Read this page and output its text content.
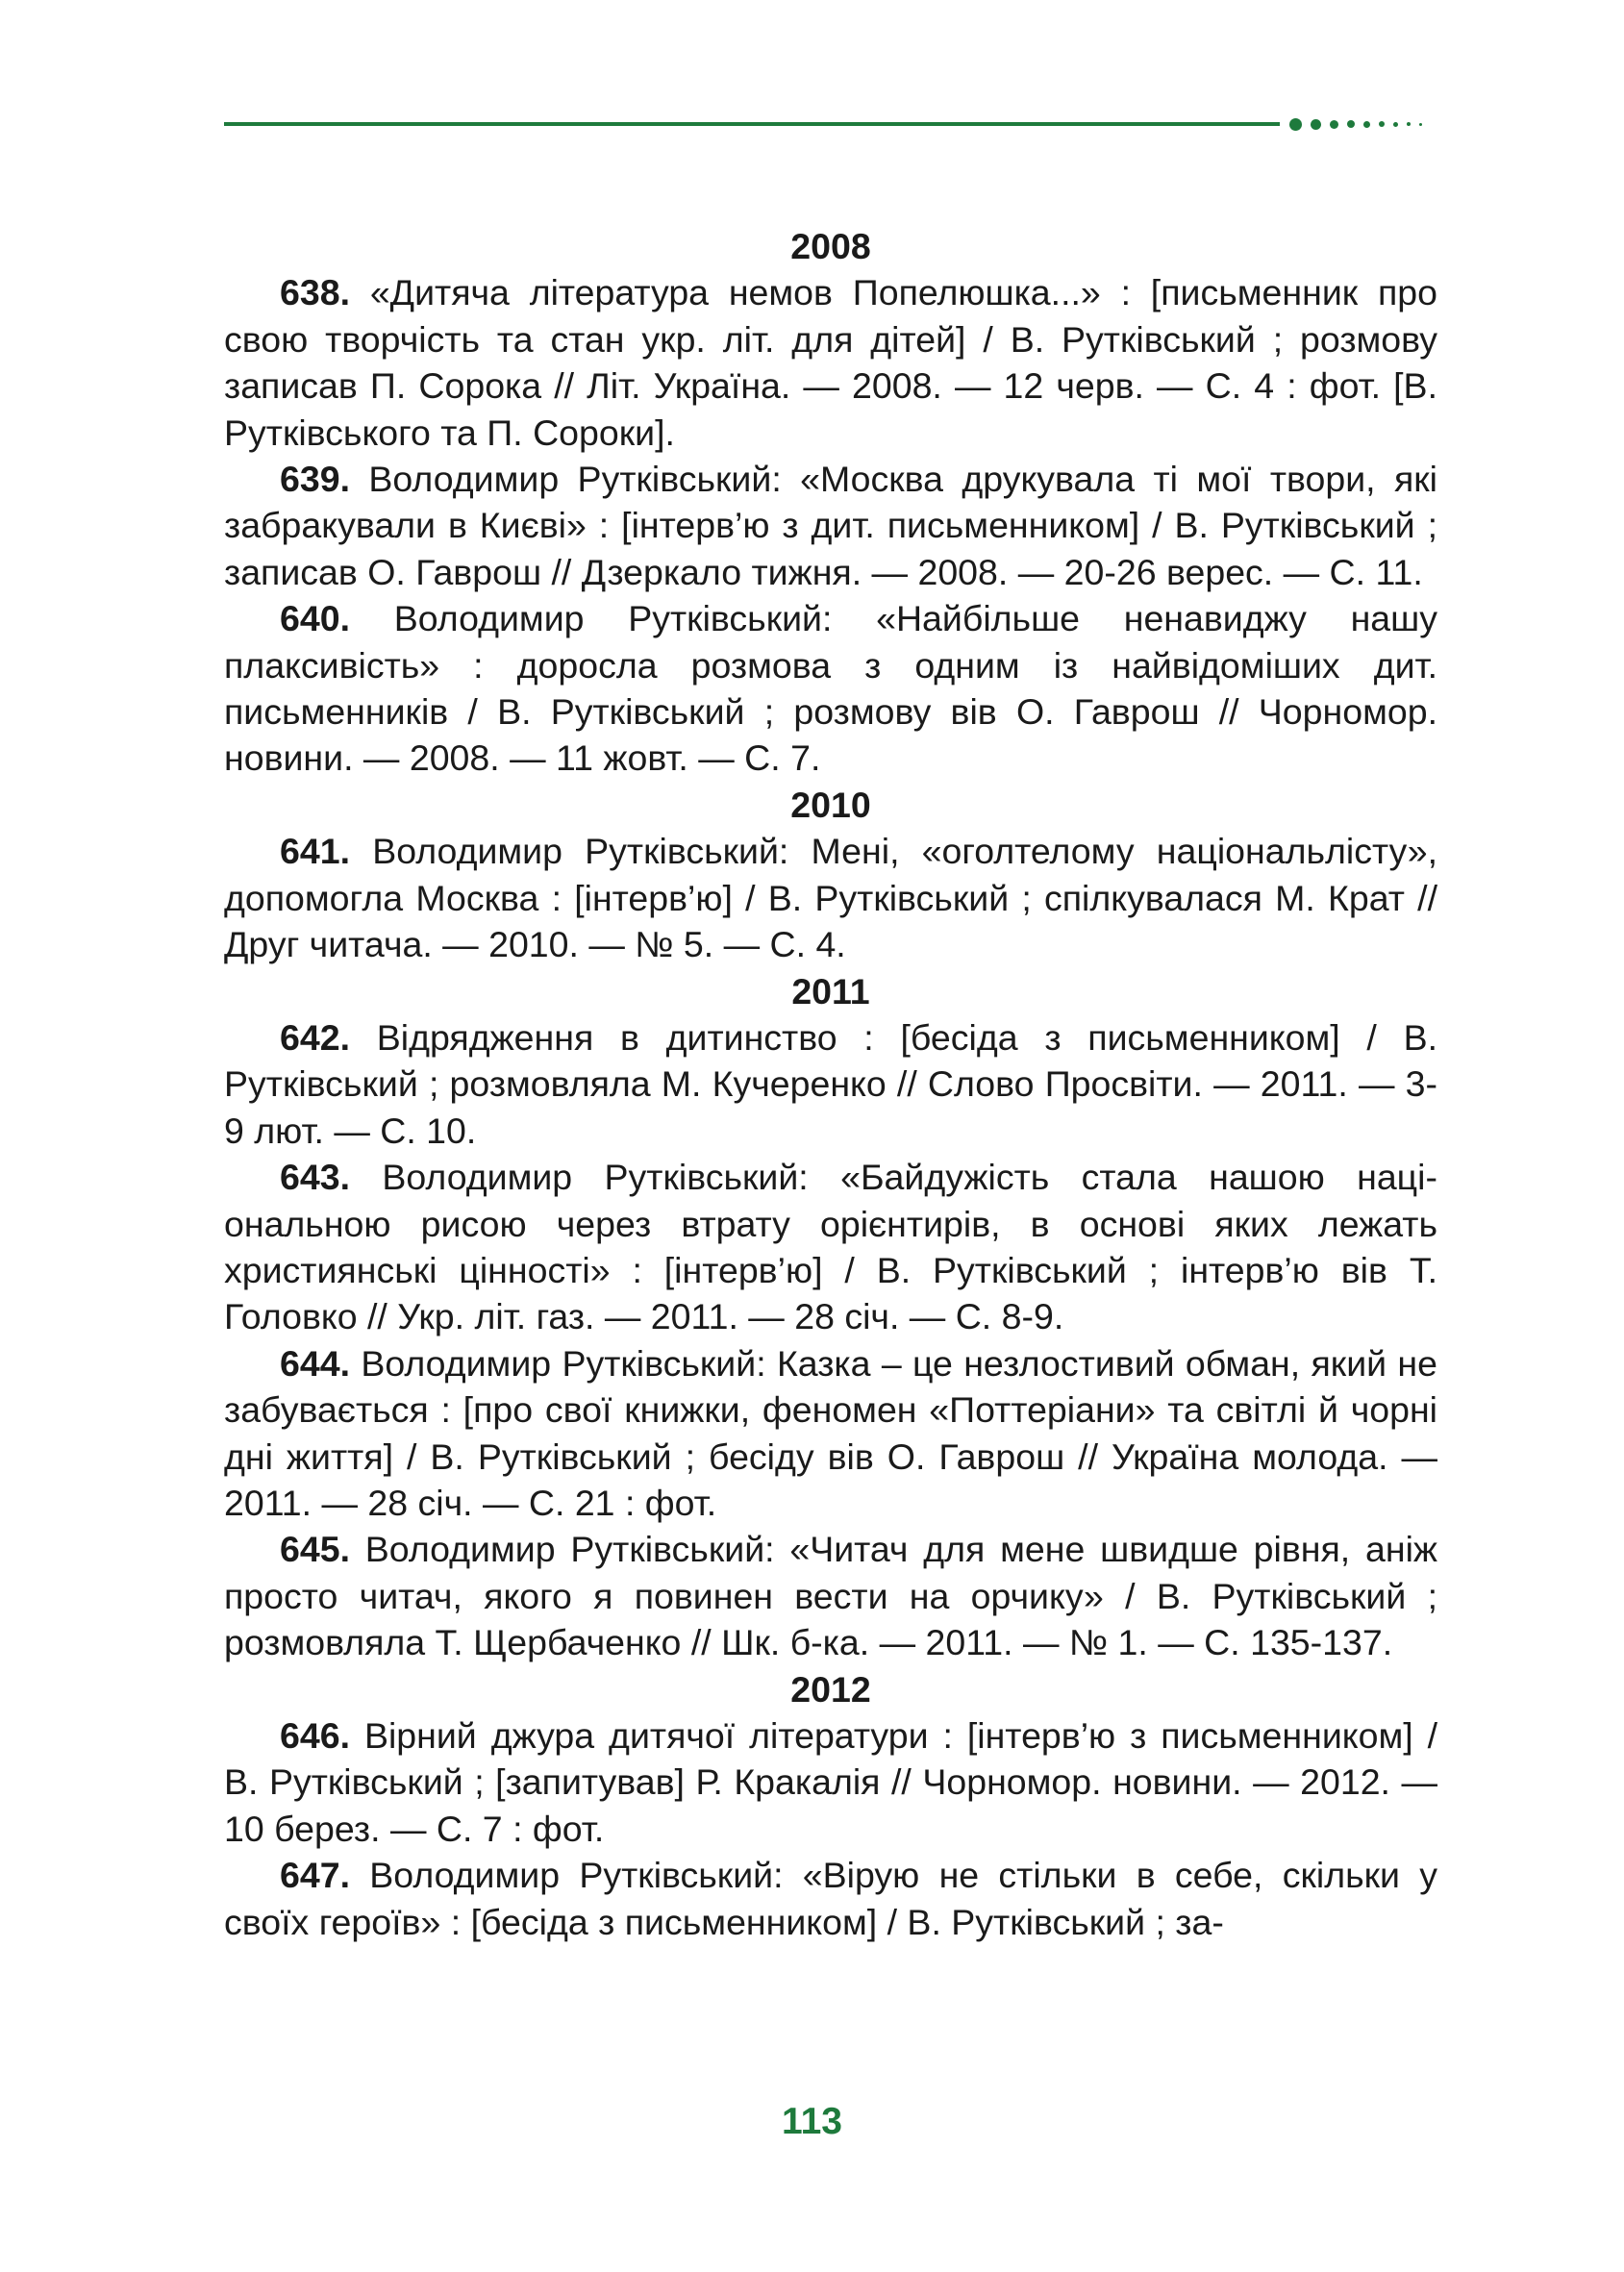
2008

638. «Дитяча література немов Попелюшка...» : [письменник про свою творчість та стан укр. літ. для дітей] / В. Рутківський ; розмову записав П. Сорока // Літ. Україна. — 2008. — 12 черв. — С. 4 : фот. [В. Рутківського та П. Сороки].

639. Володимир Рутківський: «Москва друкувала ті мої твори, які забракували в Києві» : [інтерв’ю з дит. письменником] / В. Рутківський ; записав О. Гаврош // Дзеркало тижня. — 2008. — 20-26 верес. — С. 11.

640. Володимир Рутківський: «Найбільше ненавиджу нашу плаксивість» : доросла розмова з одним із найвідоміших дит. письменників / В. Рутківський ; розмову вів О. Гаврош // Чорномор. новини. — 2008. — 11 жовт. — С. 7.

2010

641. Володимир Рутківський: Мені, «оголтелому національлісту», допомогла Москва : [інтерв’ю] / В. Рутківський ; спілкувалася М. Крат // Друг читача. — 2010. — № 5. — С. 4.

2011

642. Відрядження в дитинство : [бесіда з письменником] / В. Рутківський ; розмовляла М. Кучеренко // Слово Просвіти. — 2011. — 3-9 лют. — С. 10.

643. Володимир Рутківський: «Байдужість стала нашою національною рисою через втрату орієнтирів, в основі яких лежать християнські цінності» : [інтерв’ю] / В. Рутківський ; інтерв’ю вів Т. Головко // Укр. літ. газ. — 2011. — 28 січ. — С. 8-9.

644. Володимир Рутківський: Казка – це незлостивий обман, який не забувається : [про свої книжки, феномен «Поттеріани» та світлі й чорні дні життя] / В. Рутківський ; бесіду вів О. Гаврош // Україна молода. — 2011. — 28 січ. — С. 21 : фот.

645. Володимир Рутківський: «Читач для мене швидше рівня, аніж просто читач, якого я повинен вести на орчику» / В. Рутківський ; розмовляла Т. Щербаченко // Шк. б-ка. — 2011. — № 1. — С. 135-137.

2012

646. Вірний джура дитячої літератури : [інтерв’ю з письменником] / В. Рутківський ; [запитував] Р. Кракалія // Чорномор. новини. — 2012. — 10 берез. — С. 7 : фот.

647. Володимир Рутківський: «Вірую не стільки в себе, скільки у своїх героїв» : [бесіда з письменником] / В. Рутківський ; за-

113
